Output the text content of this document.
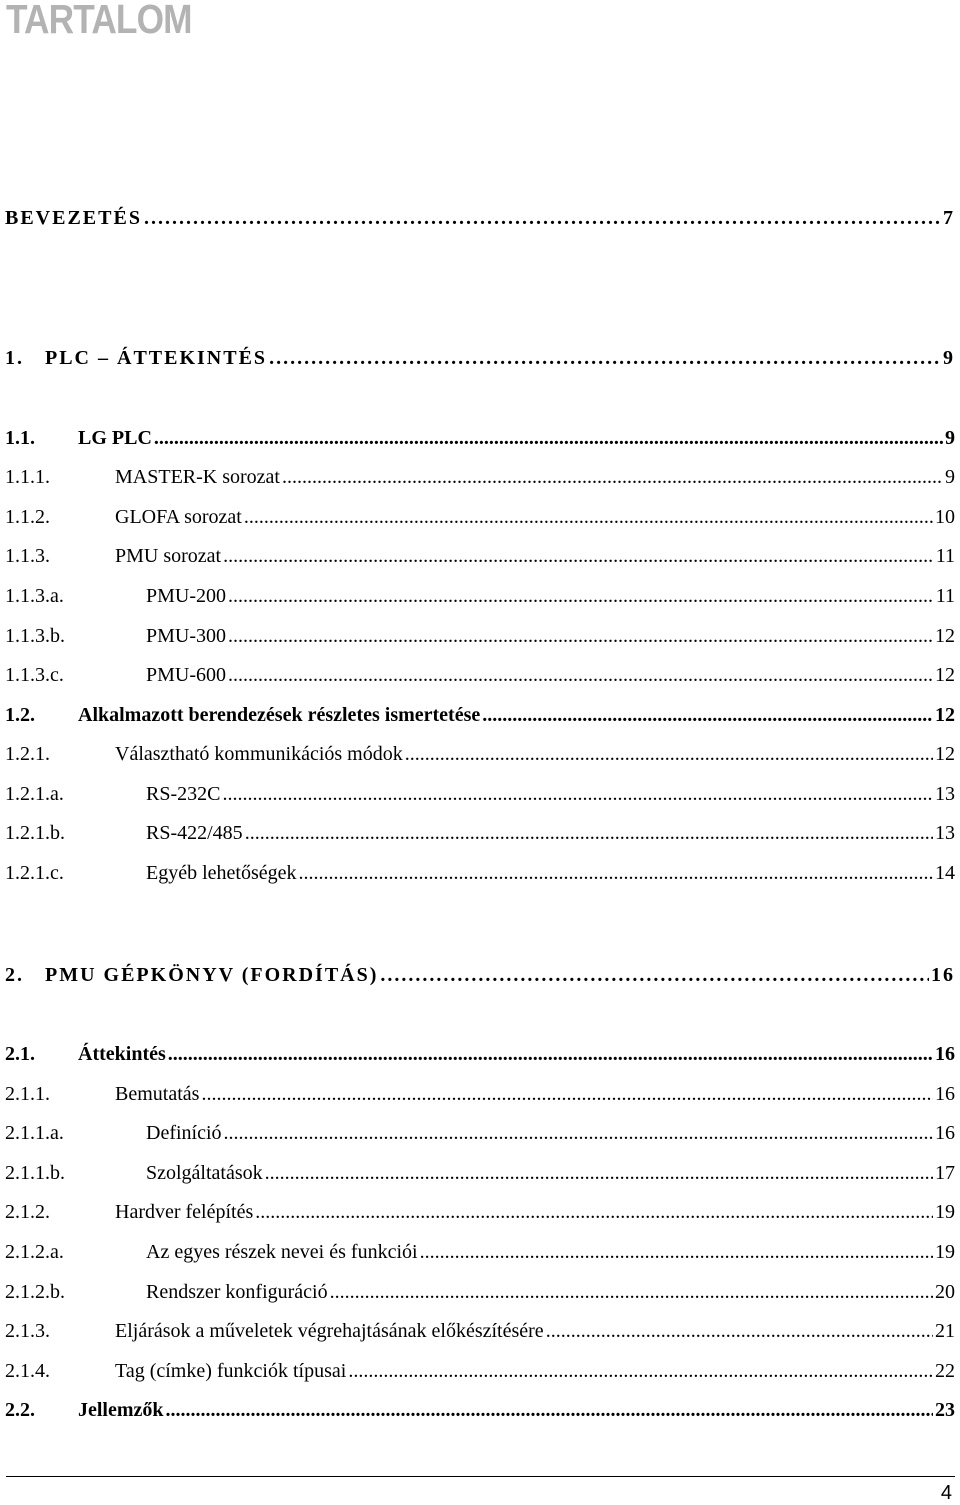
TARTALOM
BEVEZETÉS .....	7
1.	PLC – ÁTTEKINTÉS .....	9
1.1.	LG PLC .....	9
1.1.1.	MASTER-K sorozat .....	9
1.1.2.	GLOFA sorozat .....	10
1.1.3.	PMU sorozat .....	11
1.1.3.a.	PMU-200 .....	11
1.1.3.b.	PMU-300 .....	12
1.1.3.c.	PMU-600 .....	12
1.2.	Alkalmazott berendezések részletes ismertetése .....	12
1.2.1.	Választható kommunikációs módok .....	12
1.2.1.a.	RS-232C .....	13
1.2.1.b.	RS-422/485 .....	13
1.2.1.c.	Egyéb lehetőségek .....	14
2.	PMU GÉPKÖNYV (FORDÍTÁS) .....	16
2.1.	Áttekintés .....	16
2.1.1.	Bemutatás .....	16
2.1.1.a.	Definíció .....	16
2.1.1.b.	Szolgáltatások .....	17
2.1.2.	Hardver felépítés .....	19
2.1.2.a.	Az egyes részek nevei és funkciói .....	19
2.1.2.b.	Rendszer konfiguráció .....	20
2.1.3.	Eljárások a műveletek végrehajtásának előkészítésére .....	21
2.1.4.	Tag (címke) funkciók típusai .....	22
2.2.	Jellemzők .....	23
4
